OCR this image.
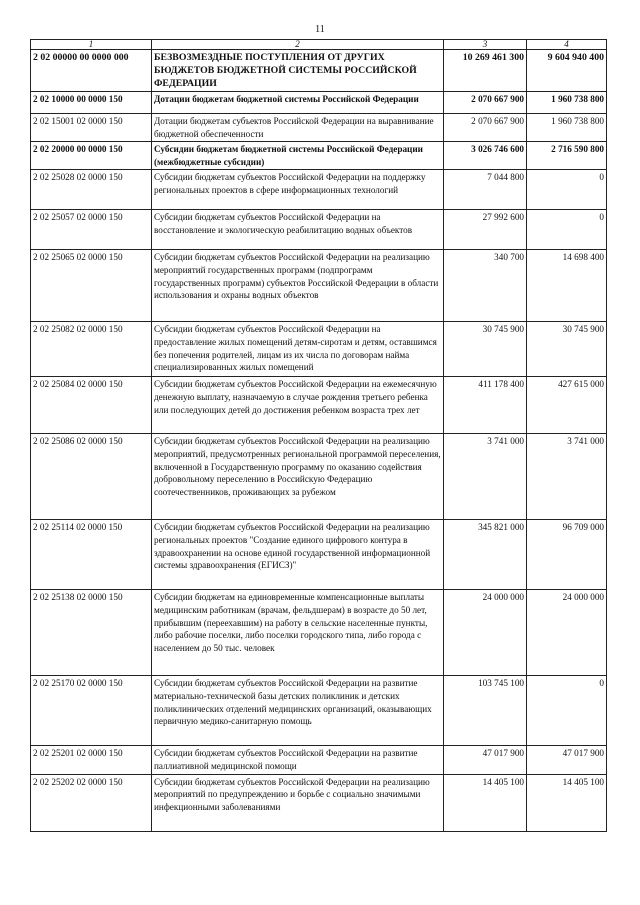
11
1	2	3	4
2 02 00000 00 0000 000	БЕЗВОЗМЕЗДНЫЕ ПОСТУПЛЕНИЯ ОТ ДРУГИХ БЮДЖЕТОВ БЮДЖЕТНОЙ СИСТЕМЫ РОССИЙСКОЙ ФЕДЕРАЦИИ	10 269 461 300	9 604 940 400
2 02 10000 00 0000 150	Дотации бюджетам бюджетной системы Российской Федерации	2 070 667 900	1 960 738 800
2 02 15001 02 0000 150	Дотации бюджетам субъектов Российской Федерации на выравнивание бюджетной обеспеченности	2 070 667 900	1 960 738 800
2 02 20000 00 0000 150	Субсидии бюджетам бюджетной системы Российской Федерации (межбюджетные субсидии)	3 026 746 600	2 716 590 800
2 02 25028 02 0000 150	Субсидии бюджетам субъектов Российской Федерации на поддержку региональных проектов в сфере информационных технологий	7 044 800	0
2 02 25057 02 0000 150	Субсидии бюджетам субъектов Российской Федерации на восстановление и экологическую реабилитацию водных объектов	27 992 600	0
2 02 25065 02 0000 150	Субсидии бюджетам субъектов Российской Федерации на реализацию мероприятий государственных программ (подпрограмм государственных программ) субъектов Российской Федерации в области использования и охраны водных объектов	340 700	14 698 400
2 02 25082 02 0000 150	Субсидии бюджетам субъектов Российской Федерации на предоставление жилых помещений детям-сиротам и детям, оставшимся без попечения родителей, лицам из их числа по договорам найма специализированных жилых помещений	30 745 900	30 745 900
2 02 25084 02 0000 150	Субсидии бюджетам субъектов Российской Федерации на ежемесячную денежную выплату, назначаемую в случае рождения третьего ребенка или последующих детей до достижения ребенком возраста трех лет	411 178 400	427 615 000
2 02 25086 02 0000 150	Субсидии бюджетам субъектов Российской Федерации на реализацию мероприятий, предусмотренных региональной программой переселения, включенной в Государственную программу по оказанию содействия добровольному переселению в Российскую Федерацию соотечественников, проживающих за рубежом	3 741 000	3 741 000
2 02 25114 02 0000 150	Субсидии бюджетам субъектов Российской Федерации на реализацию региональных проектов "Создание единого цифрового контура в здравоохранении на основе единой государственной информационной системы здравоохранения (ЕГИСЗ)"	345 821 000	96 709 000
2 02 25138 02 0000 150	Субсидии бюджетам на единовременные компенсационные выплаты медицинским работникам (врачам, фельдшерам) в возрасте до 50 лет, прибывшим (переехавшим) на работу в сельские населенные пункты, либо рабочие поселки, либо поселки городского типа, либо города с населением до 50 тыс. человек	24 000 000	24 000 000
2 02 25170 02 0000 150	Субсидии бюджетам субъектов Российской Федерации на развитие материально-технической базы детских поликлиник и детских поликлинических отделений медицинских организаций, оказывающих первичную медико-санитарную помощь	103 745 100	0
2 02 25201 02 0000 150	Субсидии бюджетам субъектов Российской Федерации на развитие паллиативной медицинской помощи	47 017 900	47 017 900
2 02 25202 02 0000 150	Субсидии бюджетам субъектов Российской Федерации на реализацию мероприятий по предупреждению и борьбе с социально значимыми инфекционными заболеваниями	14 405 100	14 405 100
